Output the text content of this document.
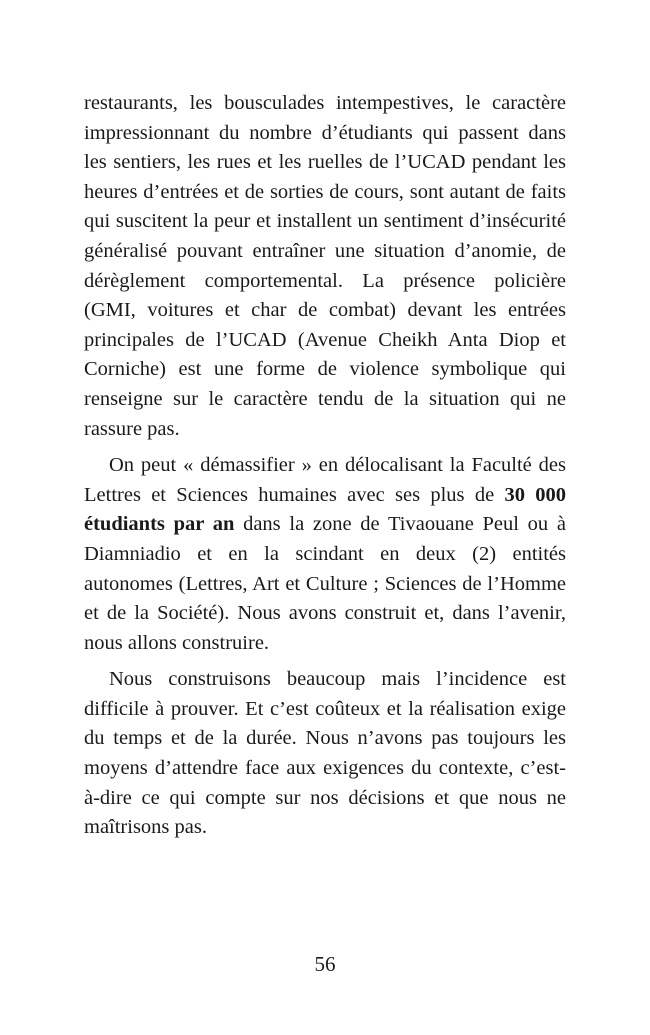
restaurants, les bousculades intempestives, le caractère impressionnant du nombre d’étudiants qui passent dans les sentiers, les rues et les ruelles de l’UCAD pendant les heures d’entrées et de sorties de cours, sont autant de faits qui suscitent la peur et installent un sentiment d’insécurité généralisé pouvant entraîner une situation d’anomie, de dérèglement comportemental. La présence policière (GMI, voitures et char de combat) devant les entrées principales de l’UCAD (Avenue Cheikh Anta Diop et Corniche) est une forme de violence symbolique qui renseigne sur le caractère tendu de la situation qui ne rassure pas.

On peut « démassifier » en délocalisant la Faculté des Lettres et Sciences humaines avec ses plus de 30 000 étudiants par an dans la zone de Tivaouane Peul ou à Diamniadio et en la scindant en deux (2) entités autonomes (Lettres, Art et Culture ; Sciences de l’Homme et de la Société). Nous avons construit et, dans l’avenir, nous allons construire.

Nous construisons beaucoup mais l’incidence est difficile à prouver. Et c’est coûteux et la réalisation exige du temps et de la durée. Nous n’avons pas toujours les moyens d’attendre face aux exigences du contexte, c’est-à-dire ce qui compte sur nos décisions et que nous ne maîtrisons pas.

56
